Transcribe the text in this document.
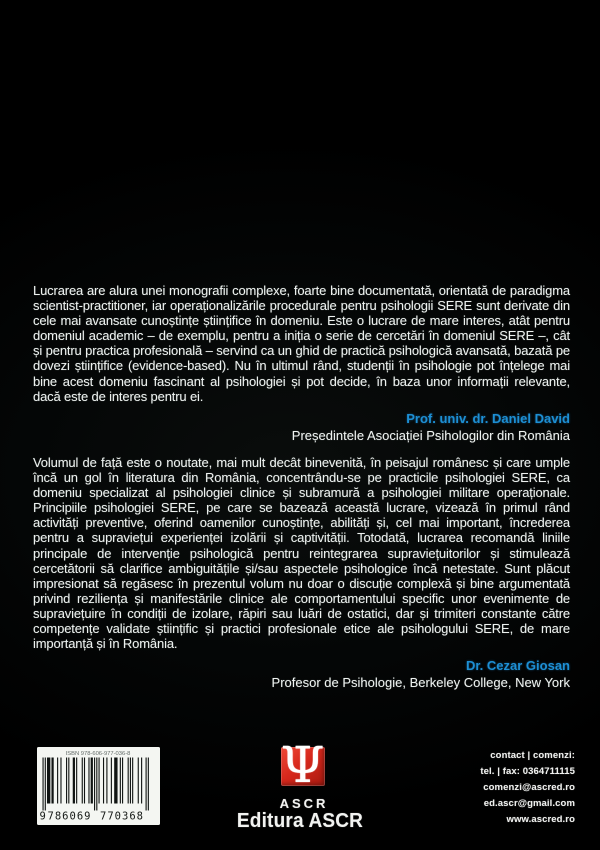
Lucrarea are alura unei monografii complexe, foarte bine documentată, orientată de paradigma scientist-practitioner, iar operaționalizările procedurale pentru psihologii SERE sunt derivate din cele mai avansate cunoștințe științifice în domeniu. Este o lucrare de mare interes, atât pentru domeniul academic – de exemplu, pentru a iniția o serie de cercetări în domeniul SERE –, cât și pentru practica profesională – servind ca un ghid de practică psihologică avansată, bazată pe dovezi științifice (evidence-based). Nu în ultimul rând, studenții în psihologie pot înțelege mai bine acest domeniu fascinant al psihologiei și pot decide, în baza unor informații relevante, dacă este de interes pentru ei.

Prof. univ. dr. Daniel David
Președintele Asociației Psihologilor din România

Volumul de față este o noutate, mai mult decât binevenită, în peisajul românesc și care umple încă un gol în literatura din România, concentrându-se pe practicile psihologiei SERE, ca domeniu specializat al psihologiei clinice și subramură a psihologiei militare operaționale. Principiile psihologiei SERE, pe care se bazează această lucrare, vizează în primul rând activități preventive, oferind oamenilor cunoștințe, abilități și, cel mai important, încrederea pentru a supraviețui experienței izolării și captivității. Totodată, lucrarea recomandă liniile principale de intervenție psihologică pentru reintegrarea supraviețuitorilor și stimulează cercetătorii să clarifice ambiguitățile și/sau aspectele psihologice încă netestate. Sunt plăcut impresionat să regăsesc în prezentul volum nu doar o discuție complexă și bine argumentată privind reziliența și manifestările clinice ale comportamentului specific unor evenimente de supraviețuire în condiții de izolare, răpiri sau luări de ostatici, dar și trimiteri constante către competențe validate științific și practici profesionale etice ale psihologului SERE, de mare importanță și în România.

Dr. Cezar Giosan
Profesor de Psihologie, Berkeley College, New York
ISBN 978-606-977-036-8
9 786069 770368
Ψ
ASCR
Editura ASCR
contact | comenzi:
tel. | fax: 0364711115
comenzi@ascred.ro
ed.ascr@gmail.com
www.ascred.ro
